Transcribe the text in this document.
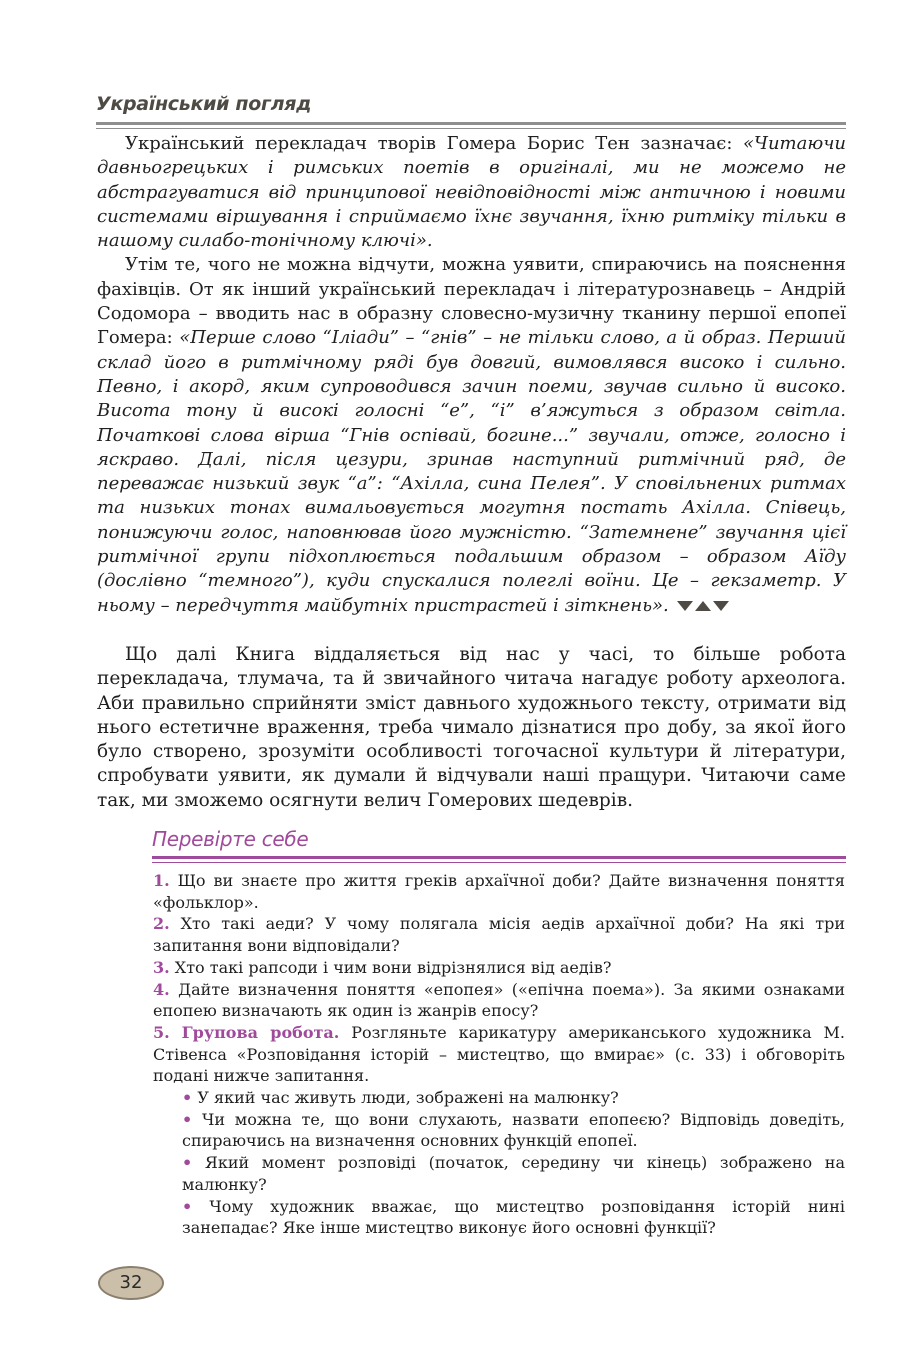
Український погляд

Український перекладач творів Гомера Борис Тен зазначає: «Читаючи давньогрецьких і римських поетів в оригіналі, ми не можемо не абстрагуватися від принципової невідповідності між античною і новими системами віршування і сприймаємо їхнє звучання, їхню ритміку тільки в нашому силабо-тонічному ключі».

Утім те, чого не можна відчути, можна уявити, спираючись на пояснення фахівців. От як інший український перекладач і літературознавець – Андрій Содомора – вводить нас в образну словесно-музичну тканину першої епопеї Гомера: «Перше слово “Іліади” – “гнів” – не тільки слово, а й образ. Перший склад його в ритмічному ряді був довгий, вимовлявся високо і сильно. Певно, і акорд, яким супроводився зачин поеми, звучав сильно й високо. Висота тону й високі голосні “е”, “і” в’яжуться з образом світла. Початкові слова вірша “Гнів оспівай, богине...” звучали, отже, голосно і яскраво. Далі, після цезури, зринав наступний ритмічний ряд, де переважає низький звук “а”: “Ахілла, сина Пелея”. У сповільнених ритмах та низьких тонах вимальовується могутня постать Ахілла. Співець, понижуючи голос, наповнював його мужністю. “Затемнене” звучання цієї ритмічної групи підхоплюється подальшим образом – образом Аїду (дослівно “темного”), куди спускалися полеглі воїни. Це – гекзаметр. У ньому – передчуття майбутніх пристрастей і зіткнень».

Що далі Книга віддаляється від нас у часі, то більше робота перекладача, тлумача, та й звичайного читача нагадує роботу археолога. Аби правильно сприйняти зміст давнього художнього тексту, отримати від нього естетичне враження, треба чимало дізнатися про добу, за якої його було створено, зрозуміти особливості тогочасної культури й літератури, спробувати уявити, як думали й відчували наші пращури. Читаючи саме так, ми зможемо осягнути велич Гомерових шедеврів.

Перевірте себе

1. Що ви знаєте про життя греків архаїчної доби? Дайте визначення поняття «фольклор».

2. Хто такі аеди? У чому полягала місія аедів архаїчної доби? На які три запитання вони відповідали?

3. Хто такі рапсоди і чим вони відрізнялися від аедів?

4. Дайте визначення поняття «епопея» («епічна поема»). За якими ознаками епопею визначають як один із жанрів епосу?

5. Групова робота. Розгляньте карикатуру американського художника М. Стівенса «Розповідання історій – мистецтво, що вмирає» (с. 33) і обговоріть подані нижче запитання.

• У який час живуть люди, зображені на малюнку?

• Чи можна те, що вони слухають, назвати епопеєю? Відповідь доведіть, спираючись на визначення основних функцій епопеї.

• Який момент розповіді (початок, середину чи кінець) зображено на малюнку?

• Чому художник вважає, що мистецтво розповідання історій нині занепадає? Яке інше мистецтво виконує його основні функції?

32
